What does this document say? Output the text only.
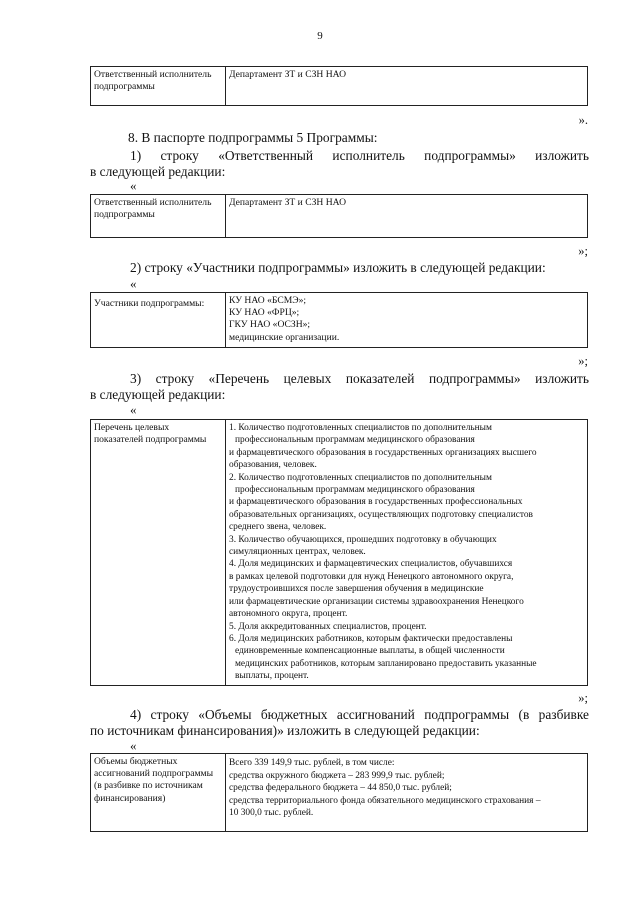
9
Ответственный исполнитель подпрограммы
Департамент ЗТ и СЗН НАО
».
8. В паспорте подпрограммы 5 Программы:
1) строку «Ответственный исполнитель подпрограммы» изложить
в следующей редакции:
«
Ответственный исполнитель подпрограммы
Департамент ЗТ и СЗН НАО
»;
2) строку «Участники подпрограммы» изложить в следующей редакции:
«
Участники подпрограммы:	КУ НАО «БСМЭ»;
КУ НАО «ФРЦ»;
ГКУ НАО «ОСЗН»;
медицинские организации.
»;
3) строку «Перечень целевых показателей подпрограммы» изложить
в следующей редакции:
«
Перечень целевых показателей подпрограммы
1. Количество подготовленных специалистов по дополнительным
профессиональным программам медицинского образования
и фармацевтического образования в государственных организациях высшего
образования, человек.
2. Количество подготовленных специалистов по дополнительным
профессиональным программам медицинского образования
и фармацевтического образования в государственных профессиональных
образовательных организациях, осуществляющих подготовку специалистов
среднего звена, человек.
3. Количество обучающихся, прошедших подготовку в обучающих
симуляционных центрах, человек.
4. Доля медицинских и фармацевтических специалистов, обучавшихся
в рамках целевой подготовки для нужд Ненецкого автономного округа,
трудоустроившихся после завершения обучения в медицинские
или фармацевтические организации системы здравоохранения Ненецкого
автономного округа, процент.
5. Доля аккредитованных специалистов, процент.
6. Доля медицинских работников, которым фактически предоставлены
единовременные компенсационные выплаты, в общей численности
медицинских работников, которым запланировано предоставить указанные
выплаты, процент.
»;
4) строку «Объемы бюджетных ассигнований подпрограммы (в разбивке
по источникам финансирования)» изложить в следующей редакции:
«
Объемы бюджетных ассигнований подпрограммы (в разбивке по источникам финансирования)
Всего 339 149,9 тыс. рублей, в том числе:
средства окружного бюджета – 283 999,9 тыс. рублей;
средства федерального бюджета – 44 850,0 тыс. рублей;
средства территориального фонда обязательного медицинского страхования –
10 300,0 тыс. рублей.
